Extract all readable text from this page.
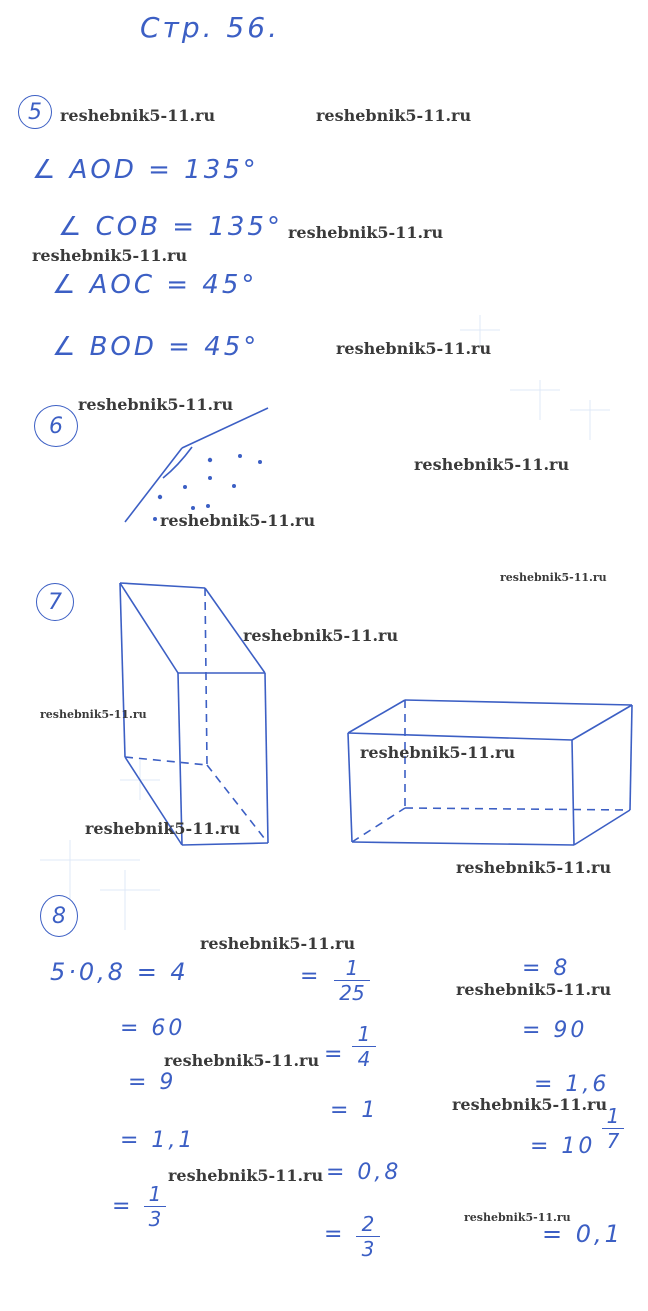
Стр. 56.
5
∠ AOD = 135°
∠ COB = 135°
∠ AOC = 45°
∠ BOD = 45°
6
7
8
5·0,8 = 4
= 60
= 9
= 1,1
= 1
3
=	1
25
=
1
4
= 1
= 0,8
= 2
3
= 8
= 90
= 1,6
= 10
1
7
= 0,1
reshebnik5-11.ru	reshebnik5-11.ru
reshebnik5-11.ru
reshebnik5-11.ru
reshebnik5-11.ru
reshebnik5-11.ru
reshebnik5-11.ru
reshebnik5-11.ru
reshebnik5-11.ru
reshebnik5-11.ru
reshebnik5-11.ru
reshebnik5-11.ru
reshebnik5-11.ru
reshebnik5-11.ru
reshebnik5-11.ru
reshebnik5-11.ru
reshebnik5-11.ru
reshebnik5-11.ru
reshebnik5-11.ru
reshebnik5-11.ru
